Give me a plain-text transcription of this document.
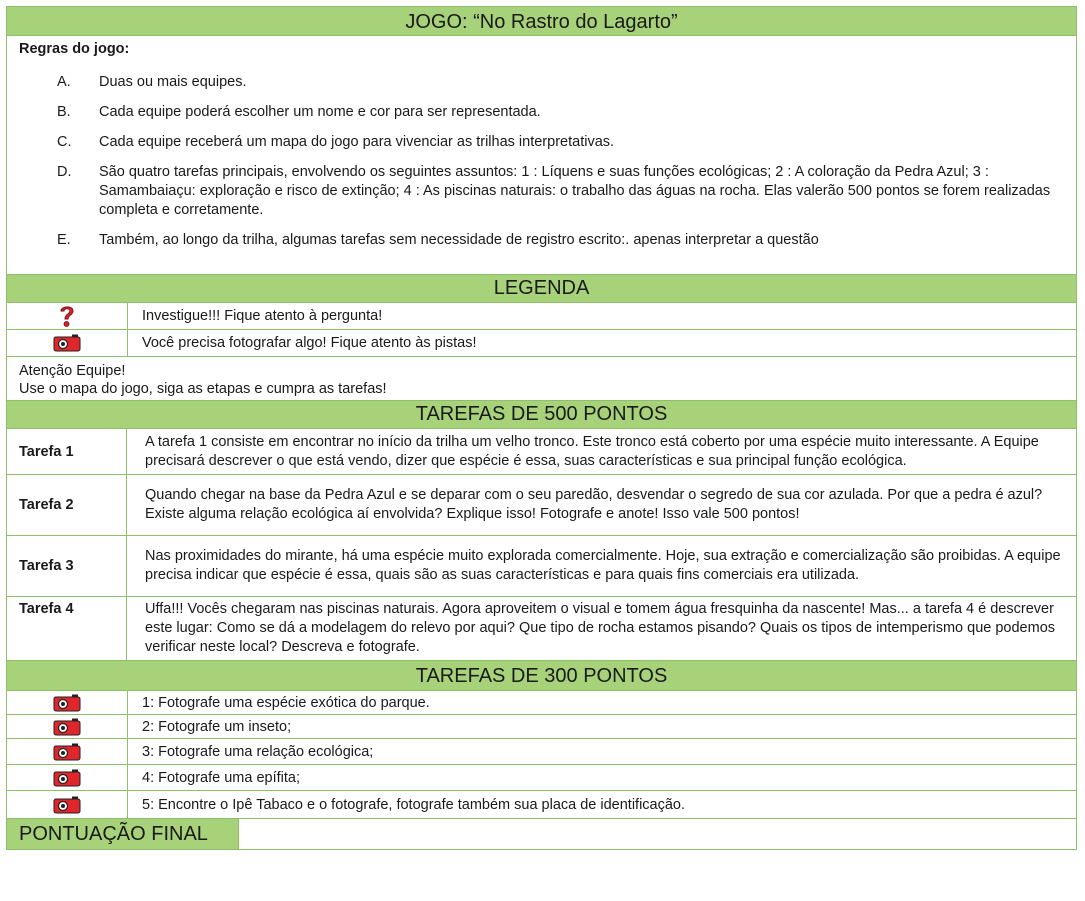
JOGO: “No Rastro do Lagarto”
Regras do jogo:
A.	Duas ou mais equipes.
B.	Cada equipe poderá escolher um nome e cor para ser representada.
C.	Cada equipe receberá um mapa do jogo para vivenciar as trilhas interpretativas.
D.	São quatro tarefas principais, envolvendo os seguintes assuntos: 1 : Líquens e suas funções ecológicas; 2 : A coloração da Pedra Azul; 3 : Samambaiaçu: exploração e risco de extinção; 4 : As piscinas naturais: o trabalho das águas na rocha. Elas valerão 500 pontos se forem realizadas completa e corretamente.
E.	Também, ao longo da trilha, algumas tarefas sem necessidade de registro escrito:. apenas interpretar a questão
LEGENDA
Investigue!!! Fique atento à pergunta!
Você precisa fotografar algo! Fique atento às pistas!
Atenção Equipe!
Use o mapa do jogo, siga as etapas e cumpra as tarefas!
TAREFAS DE 500 PONTOS
Tarefa 1
A tarefa 1 consiste em encontrar no início da trilha um velho tronco. Este tronco está coberto por uma espécie muito interessante. A Equipe precisará descrever o que está vendo, dizer que espécie é essa, suas características e sua principal função ecológica.
Tarefa 2
Quando chegar na base da Pedra Azul e se deparar com o seu paredão, desvendar o segredo de sua cor azulada. Por que a pedra é azul? Existe alguma relação ecológica aí envolvida? Explique isso! Fotografe e anote! Isso vale 500 pontos!
Tarefa 3
Nas proximidades do mirante, há uma espécie muito explorada comercialmente. Hoje, sua extração e comercialização são proibidas. A equipe precisa indicar que espécie é essa, quais são as suas características e para quais fins comerciais era utilizada.
Tarefa 4	Uffa!!! Vocês chegaram nas piscinas naturais. Agora aproveitem o visual e tomem água fresquinha da nascente! Mas... a tarefa 4 é descrever este lugar: Como se dá a modelagem do relevo por aqui? Que tipo de rocha estamos pisando? Quais os tipos de intemperismo que podemos verificar neste local? Descreva e fotografe.
TAREFAS DE 300 PONTOS
1: Fotografe uma espécie exótica do parque.
2: Fotografe um inseto;
3: Fotografe uma relação ecológica;
4: Fotografe uma epífita;
5: Encontre o Ipê Tabaco e o fotografe, fotografe também sua placa de identificação.
PONTUAÇÃO FINAL
